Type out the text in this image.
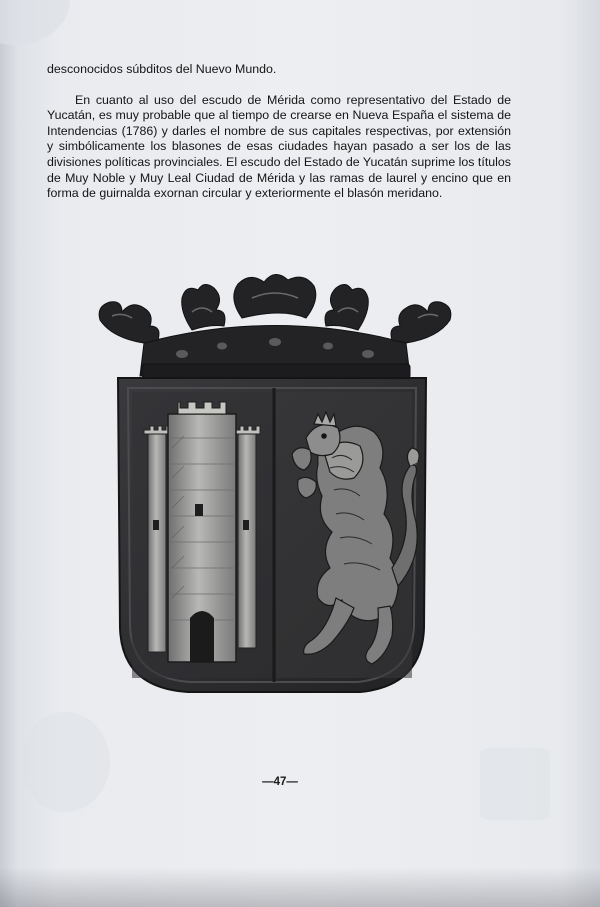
desconocidos súbditos del Nuevo Mundo.

En cuanto al uso del escudo de Mérida como representativo del Estado de Yucatán, es muy probable que al tiempo de crearse en Nueva España el sistema de Intendencias (1786) y darles el nombre de sus capitales respectivas, por extensión y simbólicamente los blasones de esas ciudades hayan pasado a ser los de las divisiones políticas provinciales. El escudo del Estado de Yucatán suprime los títulos de Muy Noble y Muy Leal Ciudad de Mérida y las ramas de laurel y encino que en forma de guirnalda exornan circular y exteriormente el blasón meridano.

—47—
